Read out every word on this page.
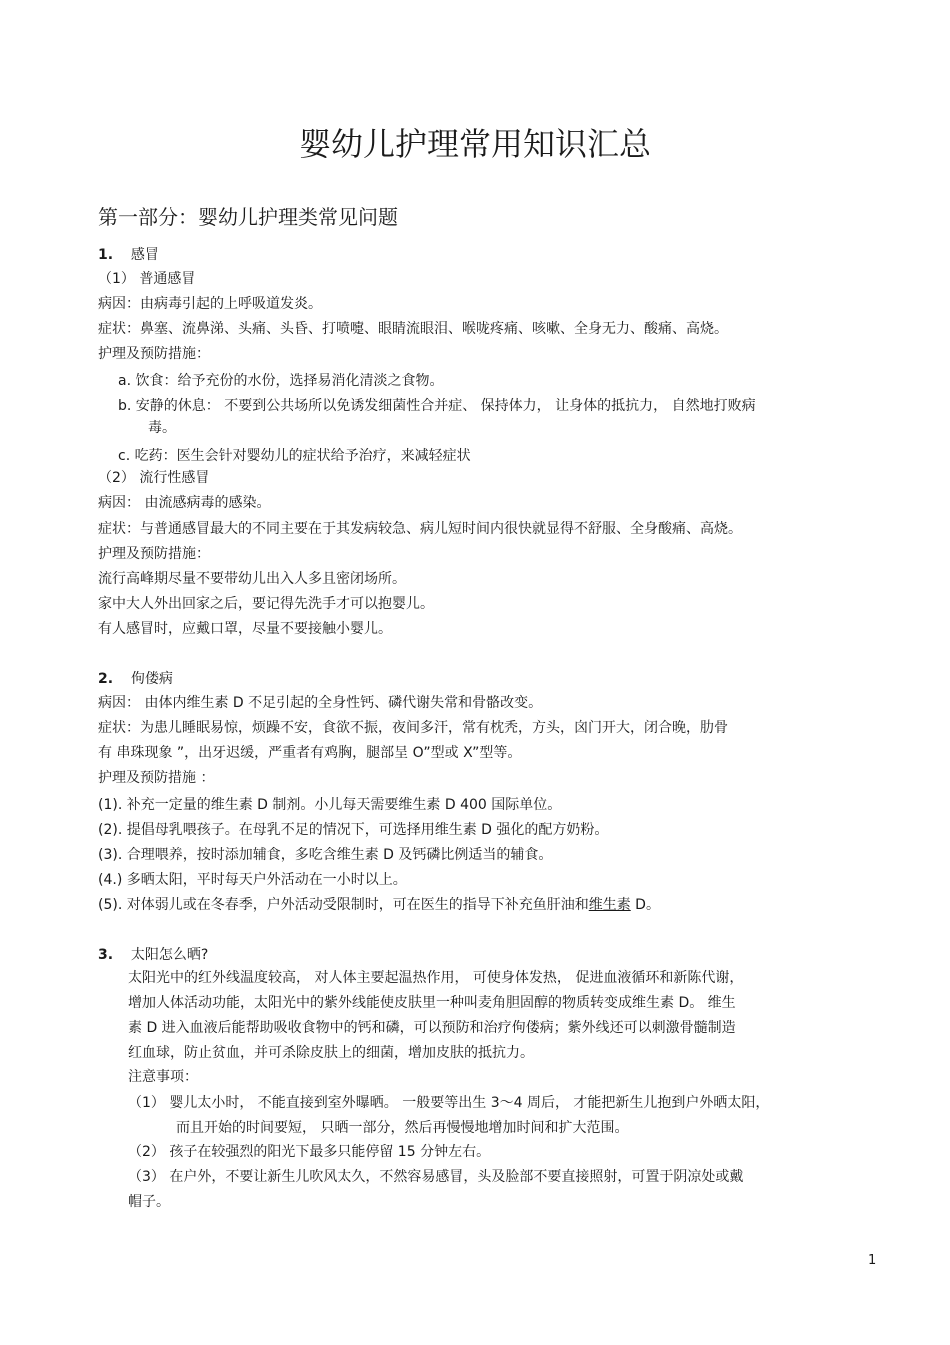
婴幼儿护理常用知识汇总
第一部分：婴幼儿护理类常见问题
1. 感冒
（1） 普通感冒
病因：由病毒引起的上呼吸道发炎。
症状：鼻塞、流鼻涕、头痛、头昏、打喷嚏、眼睛流眼泪、喉咙疼痛、咳嗽、全身无力、酸痛、高烧。
护理及预防措施：
a. 饮食：给予充份的水份，选择易消化清淡之食物。
b. 安静的休息： 不要到公共场所以免诱发细菌性合并症、 保持体力， 让身体的抵抗力， 自然地打败病
毒。
c. 吃药：医生会针对婴幼儿的症状给予治疗，来减轻症状
（2） 流行性感冒
病因： 由流感病毒的感染。
症状：与普通感冒最大的不同主要在于其发病较急、病儿短时间内很快就显得不舒服、全身酸痛、高烧。
护理及预防措施：
流行高峰期尽量不要带幼儿出入人多且密闭场所。
家中大人外出回家之后，要记得先洗手才可以抱婴儿。
有人感冒时，应戴口罩，尽量不要接触小婴儿。
2. 佝偻病
病因： 由体内维生素 D 不足引起的全身性钙、磷代谢失常和骨骼改变。
症状：为患儿睡眠易惊，烦躁不安，食欲不振，夜间多汗，常有枕秃，方头，囟门开大，闭合晚，肋骨
有 串珠现象 ”，出牙迟缓，严重者有鸡胸，腿部呈 O”型或 X”型等。
护理及预防措施 ：
(1). 补充一定量的维生素 D 制剂。小儿每天需要维生素 D 400 国际单位。
(2). 提倡母乳喂孩子。在母乳不足的情况下，可选择用维生素 D 强化的配方奶粉。
(3). 合理喂养，按时添加辅食，多吃含维生素 D 及钙磷比例适当的辅食。
(4.) 多晒太阳，平时每天户外活动在一小时以上。
(5). 对体弱儿或在冬春季，户外活动受限制时，可在医生的指导下补充鱼肝油和维生素 D。
3. 太阳怎么晒?
太阳光中的红外线温度较高， 对人体主要起温热作用， 可使身体发热， 促进血液循环和新陈代谢，
增加人体活动功能，太阳光中的紫外线能使皮肤里一种叫麦角胆固醇的物质转变成维生素 D。 维生
素 D 进入血液后能帮助吸收食物中的钙和磷，可以预防和治疗佝偻病；紫外线还可以刺激骨髓制造
红血球，防止贫血，并可杀除皮肤上的细菌，增加皮肤的抵抗力。
注意事项：
（1） 婴儿太小时， 不能直接到室外曝晒。 一般要等出生 3～4 周后， 才能把新生儿抱到户外晒太阳，
而且开始的时间要短， 只晒一部分，然后再慢慢地增加时间和扩大范围。
（2） 孩子在较强烈的阳光下最多只能停留 15 分钟左右。
（3） 在户外，不要让新生儿吹风太久，不然容易感冒，头及脸部不要直接照射，可置于阴凉处或戴
帽子。
1
